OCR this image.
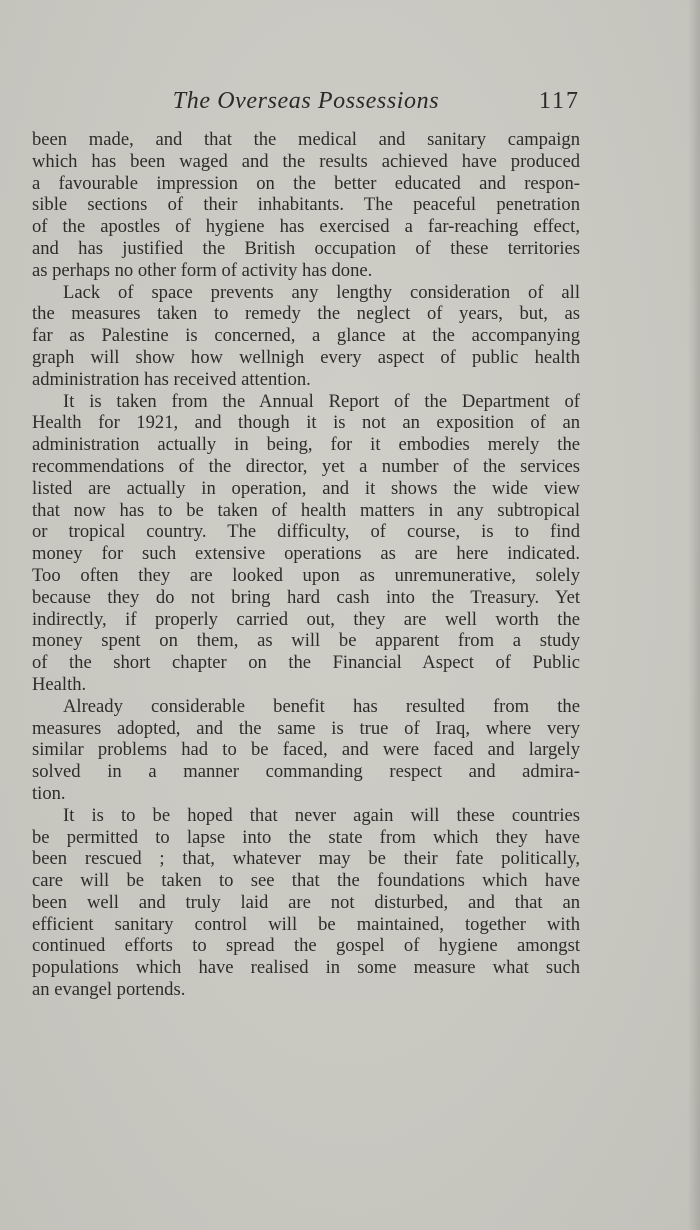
The Overseas Possessions	117
been made, and that the medical and sanitary campaign
which has been waged and the results achieved have produced
a favourable impression on the better educated and respon-
sible sections of their inhabitants. The peaceful penetration
of the apostles of hygiene has exercised a far-reaching effect,
and has justified the British occupation of these territories
as perhaps no other form of activity has done.
Lack of space prevents any lengthy consideration of all
the measures taken to remedy the neglect of years, but, as
far as Palestine is concerned, a glance at the accompanying
graph will show how wellnigh every aspect of public health
administration has received attention.
It is taken from the Annual Report of the Department of
Health for 1921, and though it is not an exposition of an
administration actually in being, for it embodies merely the
recommendations of the director, yet a number of the services
listed are actually in operation, and it shows the wide view
that now has to be taken of health matters in any subtropical
or tropical country. The difficulty, of course, is to find
money for such extensive operations as are here indicated.
Too often they are looked upon as unremunerative, solely
because they do not bring hard cash into the Treasury. Yet
indirectly, if properly carried out, they are well worth the
money spent on them, as will be apparent from a study
of the short chapter on the Financial Aspect of Public
Health.
Already considerable benefit has resulted from the
measures adopted, and the same is true of Iraq, where very
similar problems had to be faced, and were faced and largely
solved in a manner commanding respect and admira-
tion.
It is to be hoped that never again will these countries
be permitted to lapse into the state from which they have
been rescued ; that, whatever may be their fate politically,
care will be taken to see that the foundations which have
been well and truly laid are not disturbed, and that an
efficient sanitary control will be maintained, together with
continued efforts to spread the gospel of hygiene amongst
populations which have realised in some measure what such
an evangel portends.
